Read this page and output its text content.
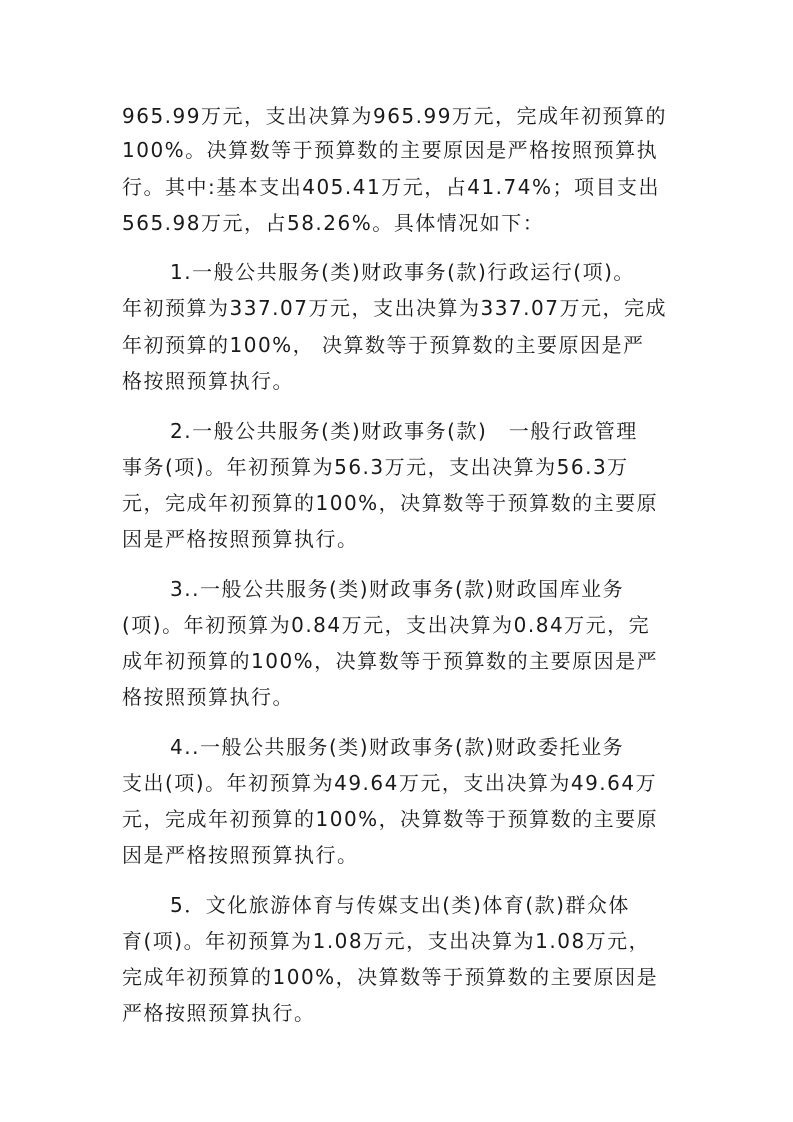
965.99万元，支出决算为965.99万元，完成年初预算的
100%。决算数等于预算数的主要原因是严格按照预算执
行。其中:基本支出405.41万元，占41.74%；项目支出
565.98万元，占58.26%。具体情况如下：
1.一般公共服务(类)财政事务(款)行政运行(项)。
年初预算为337.07万元，支出决算为337.07万元，完成
年初预算的100%， 决算数等于预算数的主要原因是严
格按照预算执行。
2.一般公共服务(类)财政事务(款)　一般行政管理
事务(项)。年初预算为56.3万元，支出决算为56.3万
元，完成年初预算的100%，决算数等于预算数的主要原
因是严格按照预算执行。
3..一般公共服务(类)财政事务(款)财政国库业务
(项)。年初预算为0.84万元，支出决算为0.84万元，完
成年初预算的100%，决算数等于预算数的主要原因是严
格按照预算执行。
4..一般公共服务(类)财政事务(款)财政委托业务
支出(项)。年初预算为49.64万元，支出决算为49.64万
元，完成年初预算的100%，决算数等于预算数的主要原
因是严格按照预算执行。
5．文化旅游体育与传媒支出(类)体育(款)群众体
育(项)。年初预算为1.08万元，支出决算为1.08万元，
完成年初预算的100%，决算数等于预算数的主要原因是
严格按照预算执行。
